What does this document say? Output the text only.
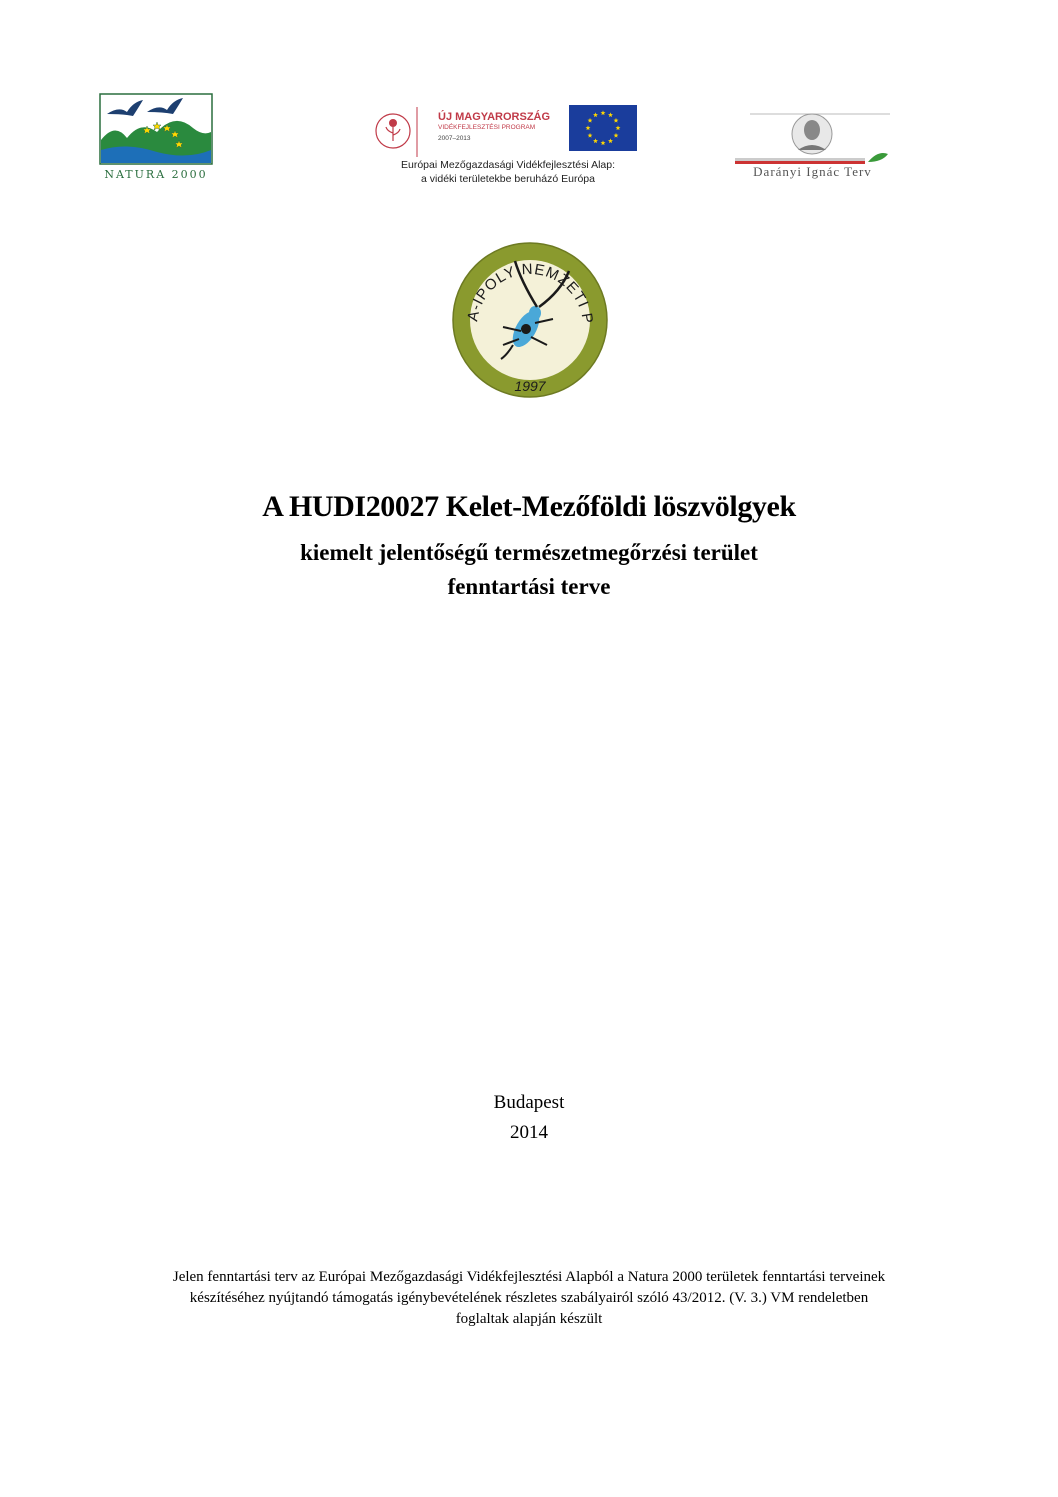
NATURA 2000
ÚJ MAGYARORSZÁG
VIDÉKFEJLESZTÉSI PROGRAM
2007–2013
Európai Mezőgazdasági Vidékfejlesztési Alap:
a vidéki területekbe beruházó Európa	Darányi Ignác Terv
A-IPOLY NEMZETI P
1997
A HUDI20027 Kelet-Mezőföldi löszvölgyek
kiemelt jelentőségű természetmegőrzési terület
fenntartási terve
Budapest
2014
Jelen fenntartási terv az Európai Mezőgazdasági Vidékfejlesztési Alapból a Natura 2000 területek fenntartási terveinek
készítéséhez nyújtandó támogatás igénybevételének részletes szabályairól szóló 43/2012. (V. 3.) VM rendeletben
foglaltak alapján készült
